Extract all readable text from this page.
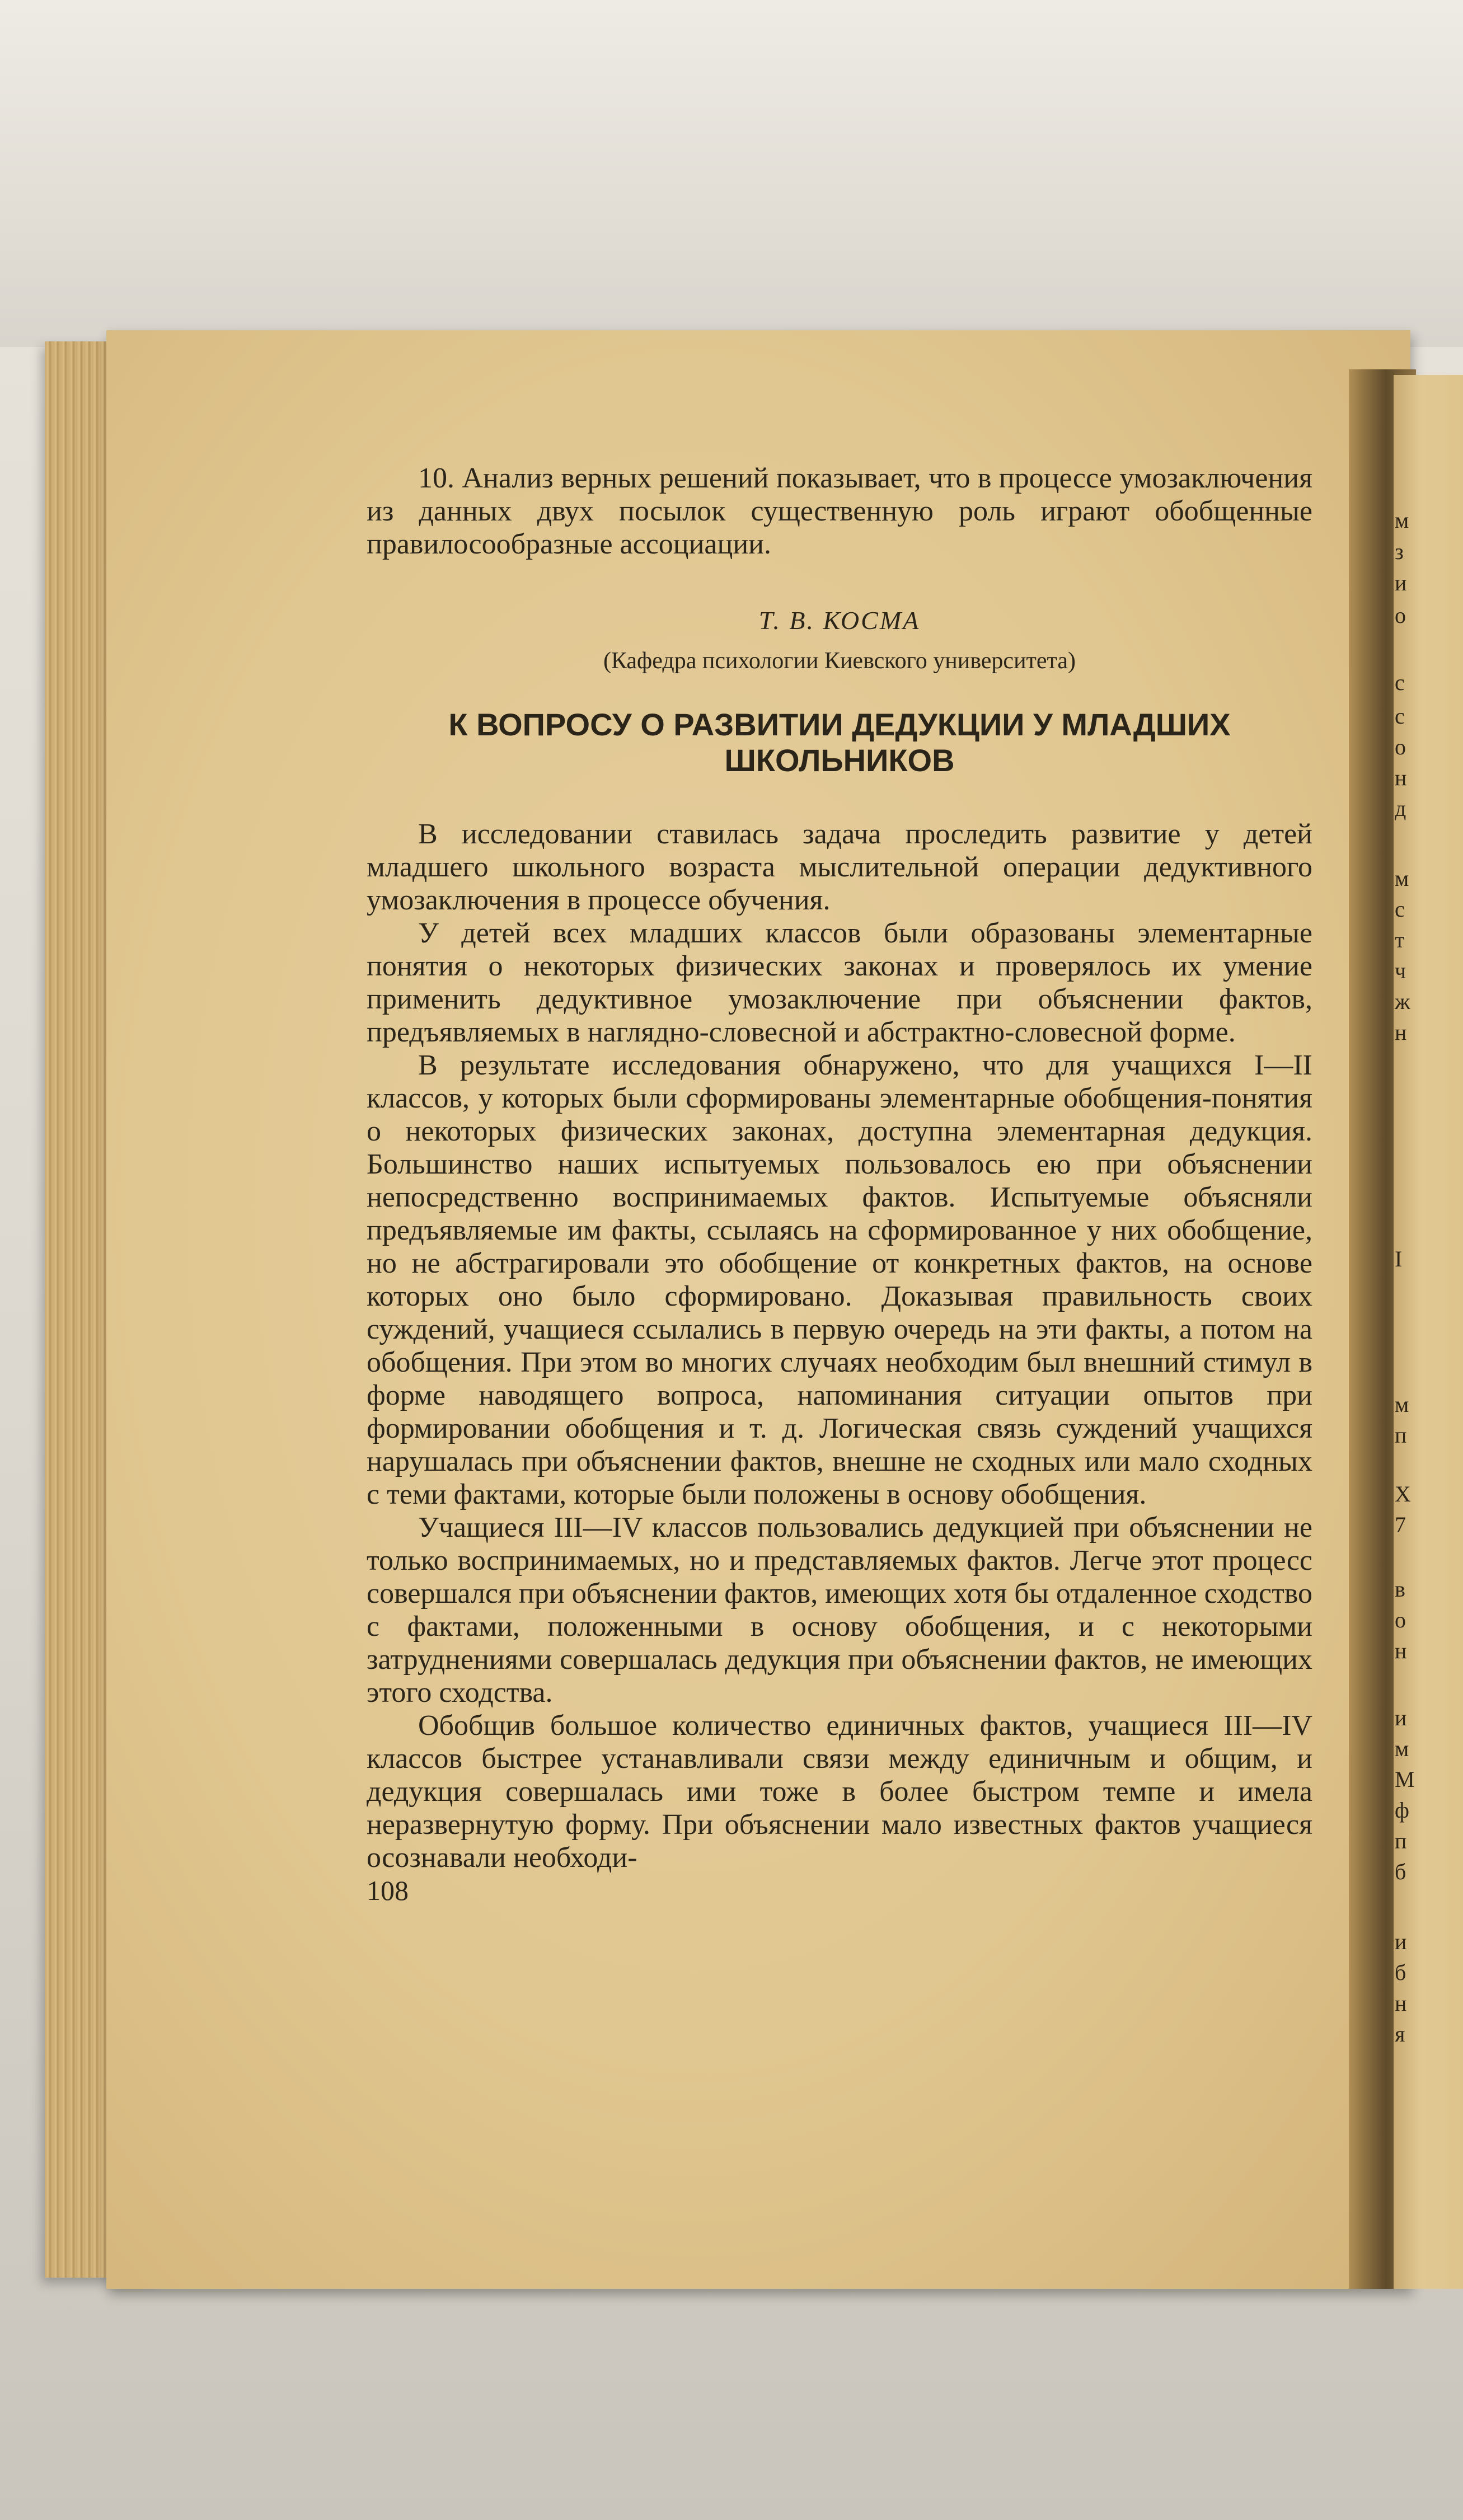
м
з
и
о
с
с
о
н
д
м
с
т
ч
ж
н
I
м
п
Х
7
в
о
н
и
м
М
ф
п
б
и
б
н
я

10. Анализ верных решений показывает, что в процессе умозаключения из данных двух посылок существенную роль играют обобщенные правилосообразные ассоциации.

Т. В. КОСМА
(Кафедра психологии Киевского университета)
К ВОПРОСУ О РАЗВИТИИ ДЕДУКЦИИ У МЛАДШИХ ШКОЛЬНИКОВ

В исследовании ставилась задача проследить развитие у детей младшего школьного возраста мыслительной операции дедуктивного умозаключения в процессе обучения.

У детей всех младших классов были образованы элементарные понятия о некоторых физических законах и проверялось их умение применить дедуктивное умозаключение при объяснении фактов, предъявляемых в наглядно-словесной и абстрактно-словесной форме.

В результате исследования обнаружено, что для учащихся I—II классов, у которых были сформированы элементарные обобщения-понятия о некоторых физических законах, доступна элементарная дедукция. Большинство наших испытуемых пользовалось ею при объяснении непосредственно воспринимаемых фактов. Испытуемые объясняли предъявляемые им факты, ссылаясь на сформированное у них обобщение, но не абстрагировали это обобщение от конкретных фактов, на основе которых оно было сформировано. Доказывая правильность своих суждений, учащиеся ссылались в первую очередь на эти факты, а потом на обобщения. При этом во многих случаях необходим был внешний стимул в форме наводящего вопроса, напоминания ситуации опытов при формировании обобщения и т. д. Логическая связь суждений учащихся нарушалась при объяснении фактов, внешне не сходных или мало сходных с теми фактами, которые были положены в основу обобщения.

Учащиеся III—IV классов пользовались дедукцией при объяснении не только воспринимаемых, но и представляемых фактов. Легче этот процесс совершался при объяснении фактов, имеющих хотя бы отдаленное сходство с фактами, положенными в основу обобщения, и с некоторыми затруднениями совершалась дедукция при объяснении фактов, не имеющих этого сходства.

Обобщив большое количество единичных фактов, учащиеся III—IV классов быстрее устанавливали связи между единичным и общим, и дедукция совершалась ими тоже в более быстром темпе и имела неразвернутую форму. При объяснении мало известных фактов учащиеся осознавали необходи-

108
